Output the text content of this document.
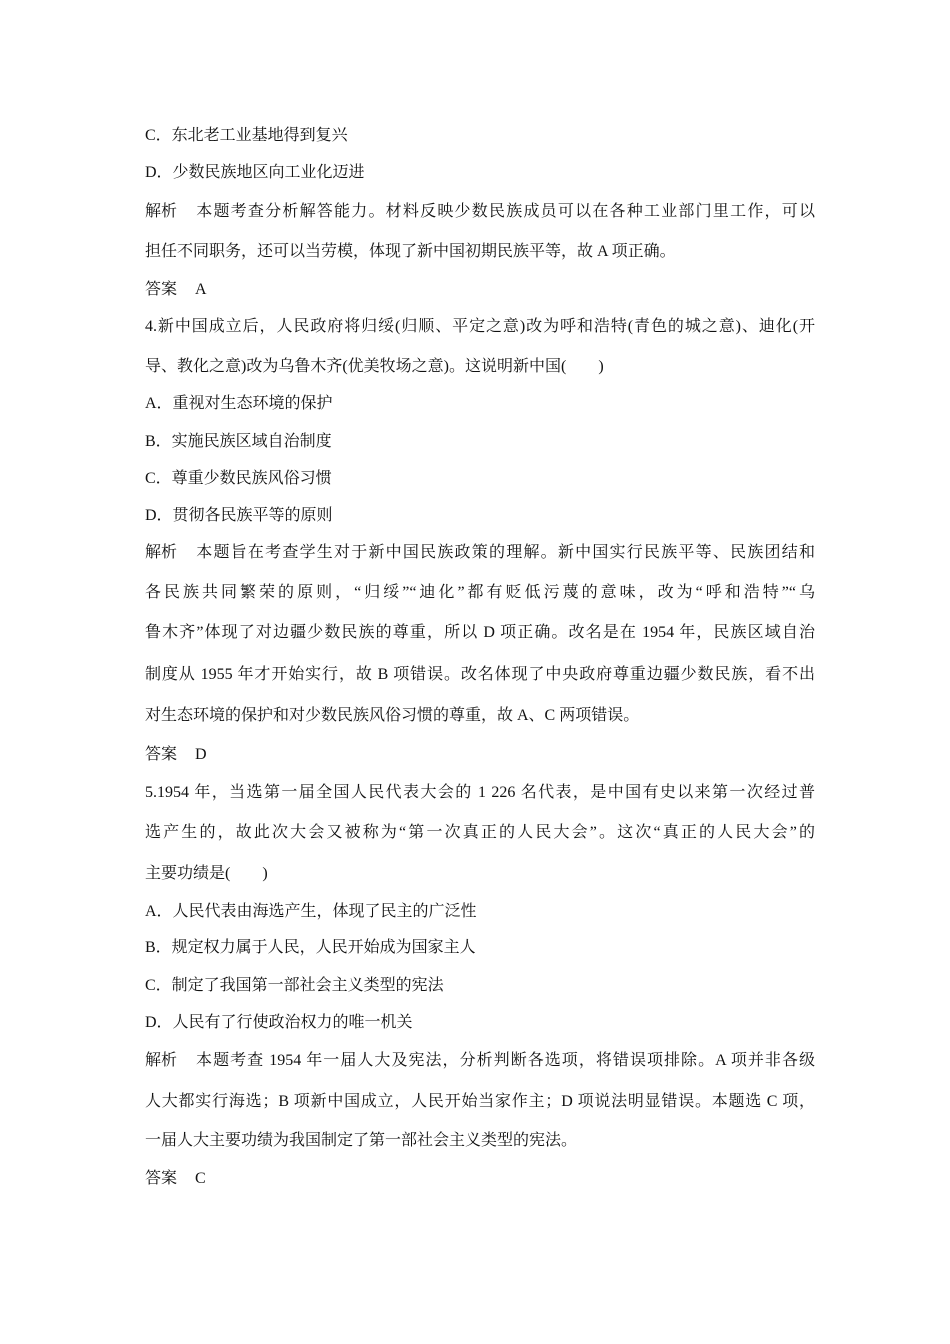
C．东北老工业基地得到复兴
D．少数民族地区向工业化迈进
解析 本题考查分析解答能力。材料反映少数民族成员可以在各种工业部门里工作，可以
担任不同职务，还可以当劳模，体现了新中国初期民族平等，故 A 项正确。
答案 A
4.新中国成立后，人民政府将归绥(归顺、平定之意)改为呼和浩特(青色的城之意)、迪化(开
导、教化之意)改为乌鲁木齐(优美牧场之意)。这说明新中国(　　)
A．重视对生态环境的保护
B．实施民族区域自治制度
C．尊重少数民族风俗习惯
D．贯彻各民族平等的原则
解析 本题旨在考查学生对于新中国民族政策的理解。新中国实行民族平等、民族团结和
各民族共同繁荣的原则，“归绥”“迪化”都有贬低污蔑的意味，改为“呼和浩特”“乌
鲁木齐”体现了对边疆少数民族的尊重，所以 D 项正确。改名是在 1954 年，民族区域自治
制度从 1955 年才开始实行，故 B 项错误。改名体现了中央政府尊重边疆少数民族，看不出
对生态环境的保护和对少数民族风俗习惯的尊重，故 A、C 两项错误。
答案 D
5.1954 年，当选第一届全国人民代表大会的 1 226 名代表，是中国有史以来第一次经过普
选产生的，故此次大会又被称为“第一次真正的人民大会”。这次“真正的人民大会”的
主要功绩是(　　)
A．人民代表由海选产生，体现了民主的广泛性
B．规定权力属于人民，人民开始成为国家主人
C．制定了我国第一部社会主义类型的宪法
D．人民有了行使政治权力的唯一机关
解析 本题考查 1954 年一届人大及宪法，分析判断各选项，将错误项排除。A 项并非各级
人大都实行海选；B 项新中国成立，人民开始当家作主；D 项说法明显错误。本题选 C 项，
一届人大主要功绩为我国制定了第一部社会主义类型的宪法。
答案 C
